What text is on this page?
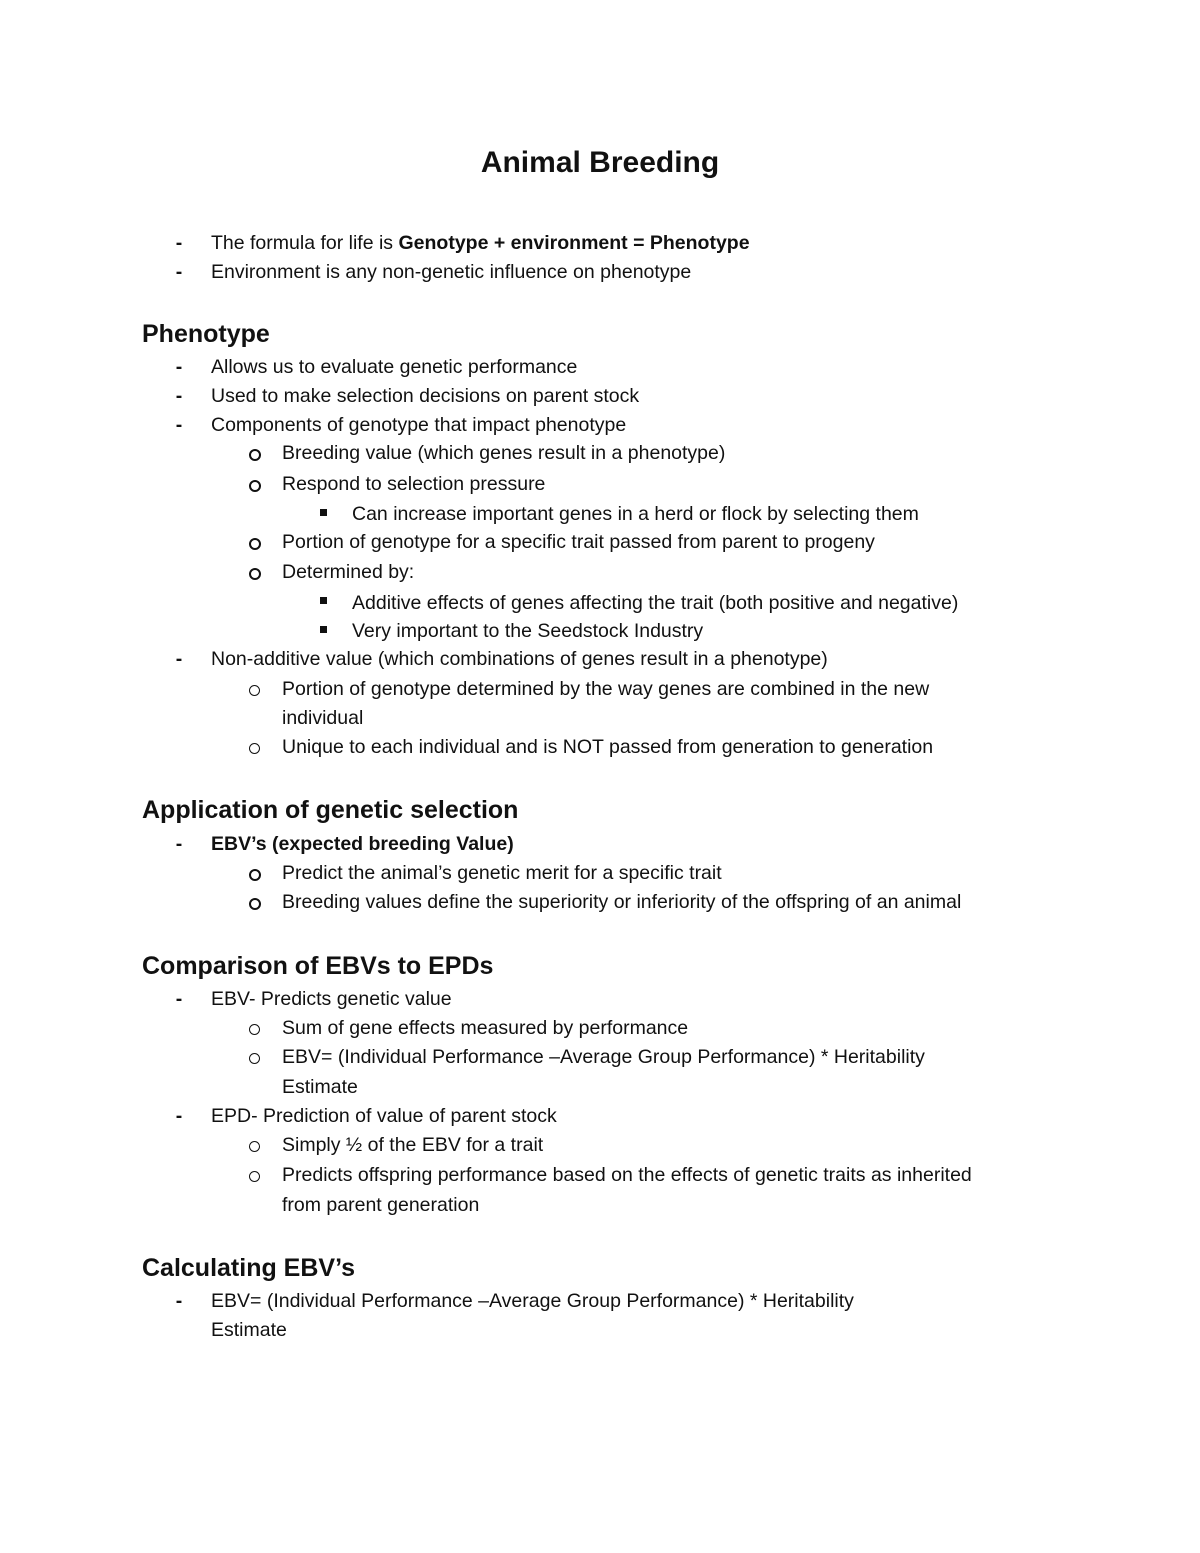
Animal Breeding
- The formula for life is Genotype + environment = Phenotype
- Environment is any non-genetic influence on phenotype
Phenotype
- Allows us to evaluate genetic performance
- Used to make selection decisions on parent stock
- Components of genotype that impact phenotype
Breeding value (which genes result in a phenotype)
Respond to selection pressure
Can increase important genes in a herd or flock by selecting them
Portion of genotype for a specific trait passed from parent to progeny
Determined by:
Additive effects of genes affecting the trait (both positive and negative)
Very important to the Seedstock Industry
- Non-additive value (which combinations of genes result in a phenotype)
Portion of genotype determined by the way genes are combined in the new
individual
Unique to each individual and is NOT passed from generation to generation
Application of genetic selection
- EBV’s (expected breeding Value)
Predict the animal’s genetic merit for a specific trait
Breeding values define the superiority or inferiority of the offspring of an animal
Comparison of EBVs to EPDs
- EBV- Predicts genetic value
Sum of gene effects measured by performance
EBV= (Individual Performance –Average Group Performance) * Heritability
Estimate
- EPD- Prediction of value of parent stock
Simply ½ of the EBV for a trait
Predicts offspring performance based on the effects of genetic traits as inherited
from parent generation
Calculating EBV’s
- EBV= (Individual Performance –Average Group Performance) * Heritability
Estimate
